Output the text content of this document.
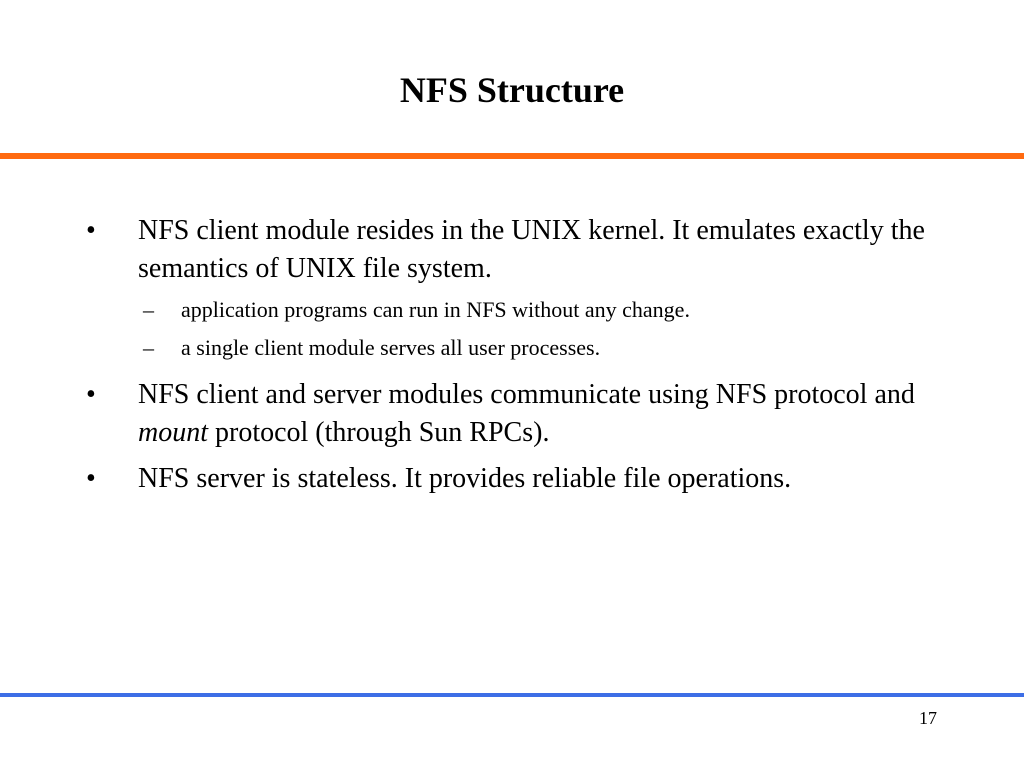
NFS Structure
• NFS client module resides in the UNIX kernel. It emulates exactly the semantics of UNIX file system.
– application programs can run in NFS without any change.
– a single client module serves all user processes.
• NFS client and server modules communicate using NFS protocol and mount protocol (through Sun RPCs).
• NFS server is stateless. It provides reliable file operations.
17
